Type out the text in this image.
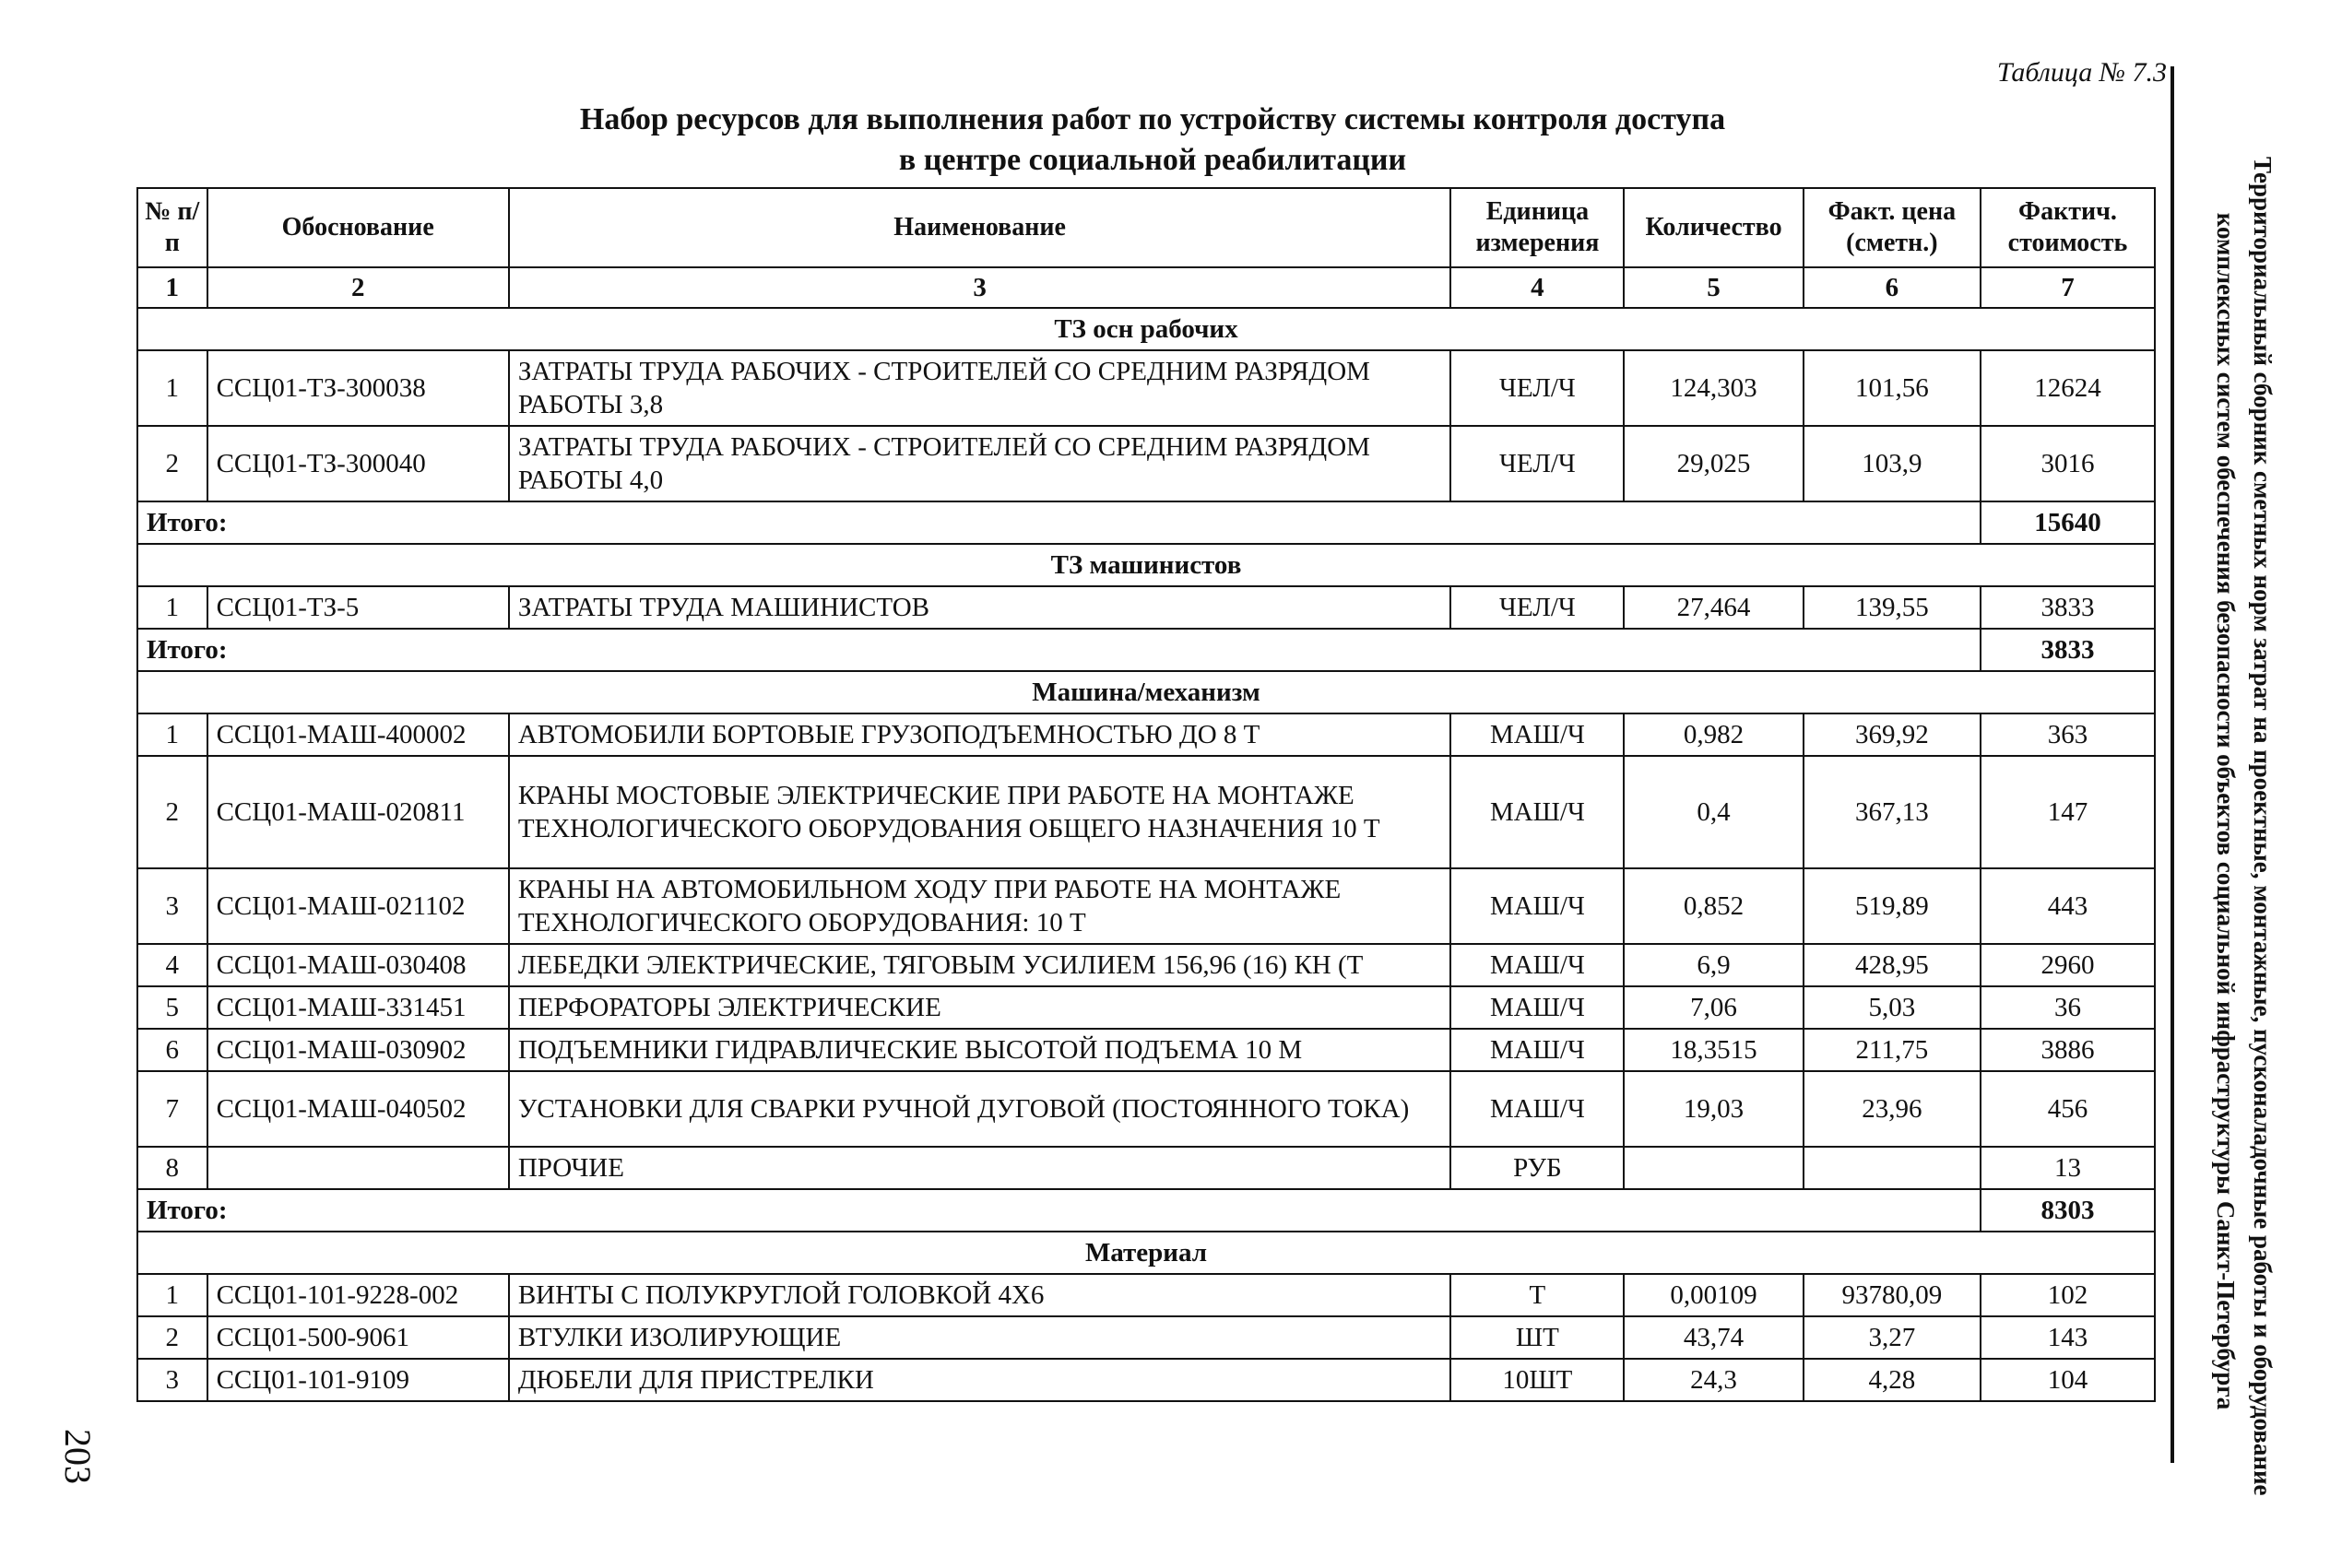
Таблица № 7.3
Набор ресурсов для выполнения работ по устройству системы контроля доступа
в центре социальной реабилитации	Территориальный сборник сметных норм затрат на проектные, монтажные, пусконаладочные работы и оборудование
комплексных систем обеспечения безопасности объектов социальной инфраструктуры Санкт-Петербурга
203
№ п/п	Обоснование	Наименование	Единица измерения	Количество	Факт. цена (сметн.)	Фактич. стоимость
1	2	3	4	5	6	7
ТЗ осн рабочих						
1	ССЦ01-ТЗ-300038	ЗАТРАТЫ ТРУДА РАБОЧИХ - СТРОИТЕЛЕЙ СО СРЕДНИМ РАЗРЯДОМ РАБОТЫ 3,8	ЧЕЛ/Ч	124,303	101,56	12624
2	ССЦ01-ТЗ-300040	ЗАТРАТЫ ТРУДА РАБОЧИХ - СТРОИТЕЛЕЙ СО СРЕДНИМ РАЗРЯДОМ РАБОТЫ 4,0	ЧЕЛ/Ч	29,025	103,9	3016
Итого:						15640
ТЗ машинистов						
1	ССЦ01-ТЗ-5	ЗАТРАТЫ ТРУДА МАШИНИСТОВ	ЧЕЛ/Ч	27,464	139,55	3833
Итого:						3833
Машина/механизм						
1	ССЦ01-МАШ-400002	АВТОМОБИЛИ БОРТОВЫЕ ГРУЗОПОДЪЕМНОСТЬЮ ДО 8 Т	МАШ/Ч	0,982	369,92	363
2	ССЦ01-МАШ-020811	КРАНЫ МОСТОВЫЕ ЭЛЕКТРИЧЕСКИЕ ПРИ РАБОТЕ НА МОНТАЖЕ ТЕХНОЛОГИЧЕСКОГО ОБОРУДОВАНИЯ ОБЩЕГО НАЗНАЧЕНИЯ 10 Т	МАШ/Ч	0,4	367,13	147
3	ССЦ01-МАШ-021102	КРАНЫ НА АВТОМОБИЛЬНОМ ХОДУ ПРИ РАБОТЕ НА МОНТАЖЕ ТЕХНОЛОГИЧЕСКОГО ОБОРУДОВАНИЯ: 10 Т	МАШ/Ч	0,852	519,89	443
4	ССЦ01-МАШ-030408	ЛЕБЕДКИ ЭЛЕКТРИЧЕСКИЕ, ТЯГОВЫМ УСИЛИЕМ 156,96 (16) КН (Т	МАШ/Ч	6,9	428,95	2960
5	ССЦ01-МАШ-331451	ПЕРФОРАТОРЫ ЭЛЕКТРИЧЕСКИЕ	МАШ/Ч	7,06	5,03	36
6	ССЦ01-МАШ-030902	ПОДЪЕМНИКИ ГИДРАВЛИЧЕСКИЕ ВЫСОТОЙ ПОДЪЕМА 10 М	МАШ/Ч	18,3515	211,75	3886
7	ССЦ01-МАШ-040502	УСТАНОВКИ ДЛЯ СВАРКИ РУЧНОЙ ДУГОВОЙ (ПОСТОЯННОГО ТОКА)	МАШ/Ч	19,03	23,96	456
8		ПРОЧИЕ	РУБ			13
Итого:						8303
Материал						
1	ССЦ01-101-9228-002	ВИНТЫ С ПОЛУКРУГЛОЙ ГОЛОВКОЙ 4Х6	Т	0,00109	93780,09	102
2	ССЦ01-500-9061	ВТУЛКИ ИЗОЛИРУЮЩИЕ	ШТ	43,74	3,27	143
3	ССЦ01-101-9109	ДЮБЕЛИ ДЛЯ ПРИСТРЕЛКИ	10ШТ	24,3	4,28	104
